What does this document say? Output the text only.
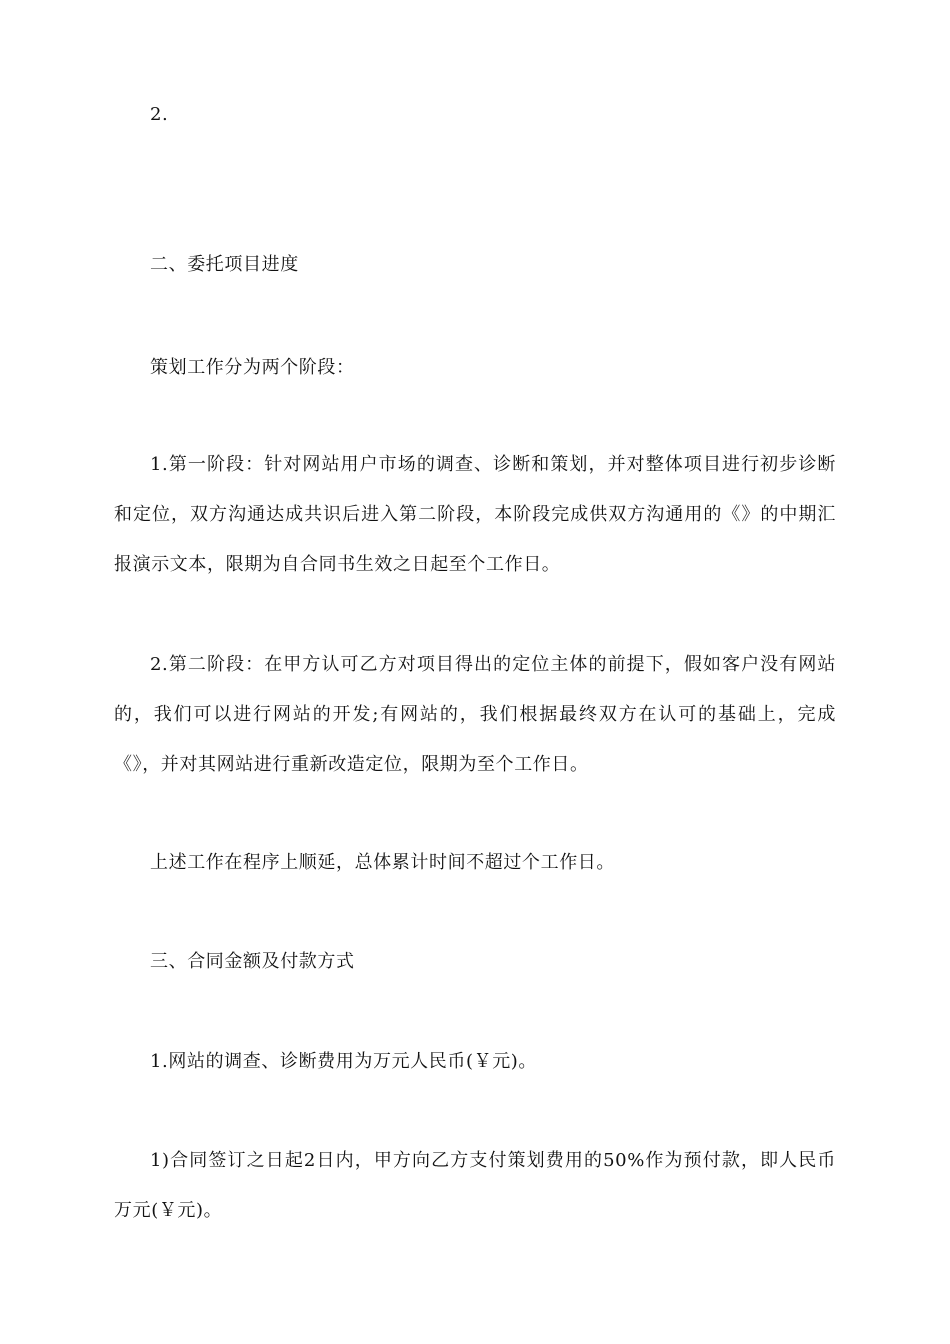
2.

二、委托项目进度

策划工作分为两个阶段：

1.第一阶段：针对网站用户市场的调查、诊断和策划，并对整体项目进行初步诊断和定位，双方沟通达成共识后进入第二阶段，本阶段完成供双方沟通用的《》的中期汇报演示文本，限期为自合同书生效之日起至个工作日。

2.第二阶段：在甲方认可乙方对项目得出的定位主体的前提下，假如客户没有网站的，我们可以进行网站的开发;有网站的，我们根据最终双方在认可的基础上，完成《》，并对其网站进行重新改造定位，限期为至个工作日。

上述工作在程序上顺延，总体累计时间不超过个工作日。

三、合同金额及付款方式

1.网站的调查、诊断费用为万元人民币(￥元)。

1)合同签订之日起2日内，甲方向乙方支付策划费用的50%作为预付款，即人民币万元(￥元)。
